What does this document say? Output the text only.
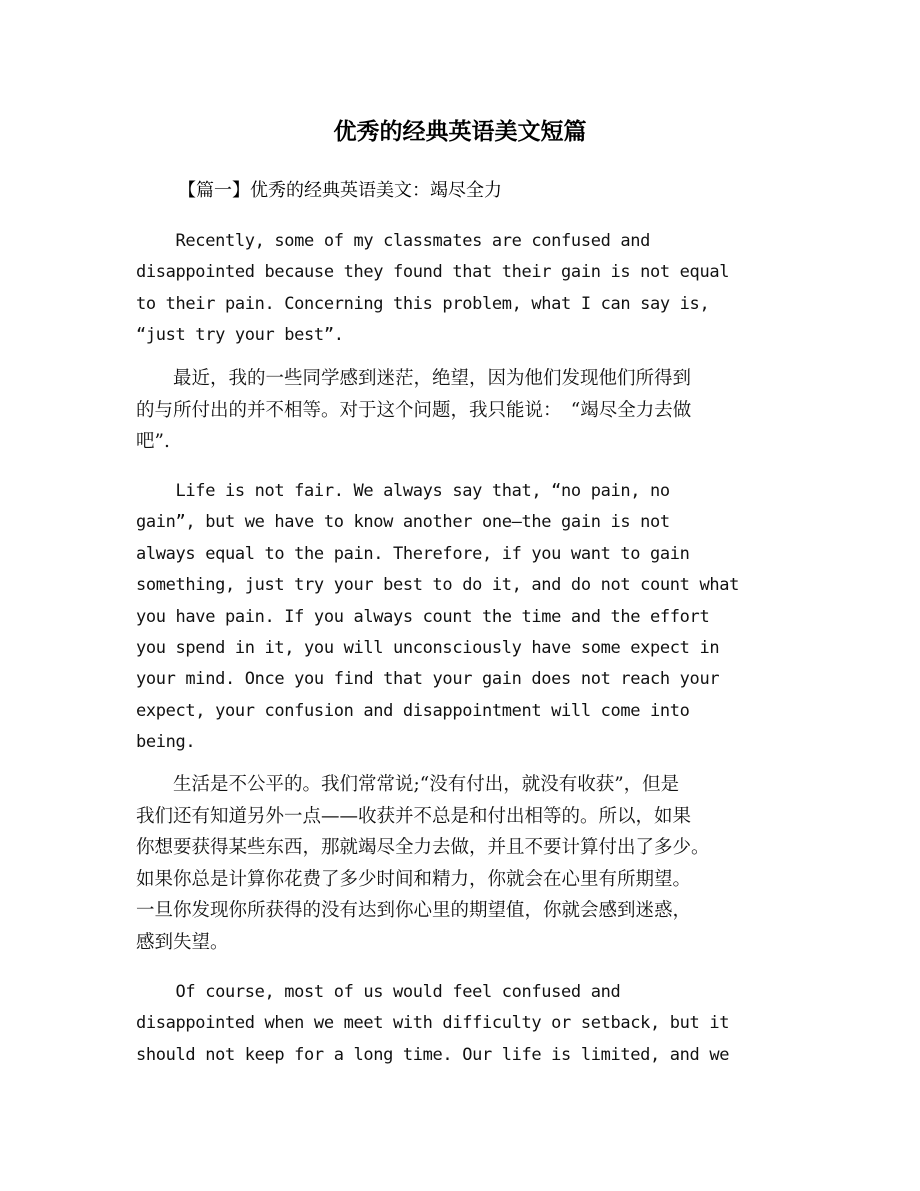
优秀的经典英语美文短篇

【篇一】优秀的经典英语美文：竭尽全力

Recently, some of my classmates are confused and
disappointed because they found that their gain is not equal
to their pain. Concerning this problem, what I can say is,
“just try your best”.
　　最近，我的一些同学感到迷茫，绝望，因为他们发现他们所得到
的与所付出的并不相等。对于这个问题，我只能说：　“竭尽全力去做
吧”.
Life is not fair. We always say that, “no pain, no
gain”, but we have to know another one—the gain is not
always equal to the pain. Therefore, if you want to gain
something, just try your best to do it, and do not count what
you have pain. If you always count the time and the effort
you spend in it, you will unconsciously have some expect in
your mind. Once you find that your gain does not reach your
expect, your confusion and disappointment will come into
being.
　　生活是不公平的。我们常常说;“没有付出，就没有收获”，但是
我们还有知道另外一点——收获并不总是和付出相等的。所以，如果
你想要获得某些东西，那就竭尽全力去做，并且不要计算付出了多少。
如果你总是计算你花费了多少时间和精力，你就会在心里有所期望。
一旦你发现你所获得的没有达到你心里的期望值，你就会感到迷惑，
感到失望。
Of course, most of us would feel confused and
disappointed when we meet with difficulty or setback, but it
should not keep for a long time. Our life is limited, and we
